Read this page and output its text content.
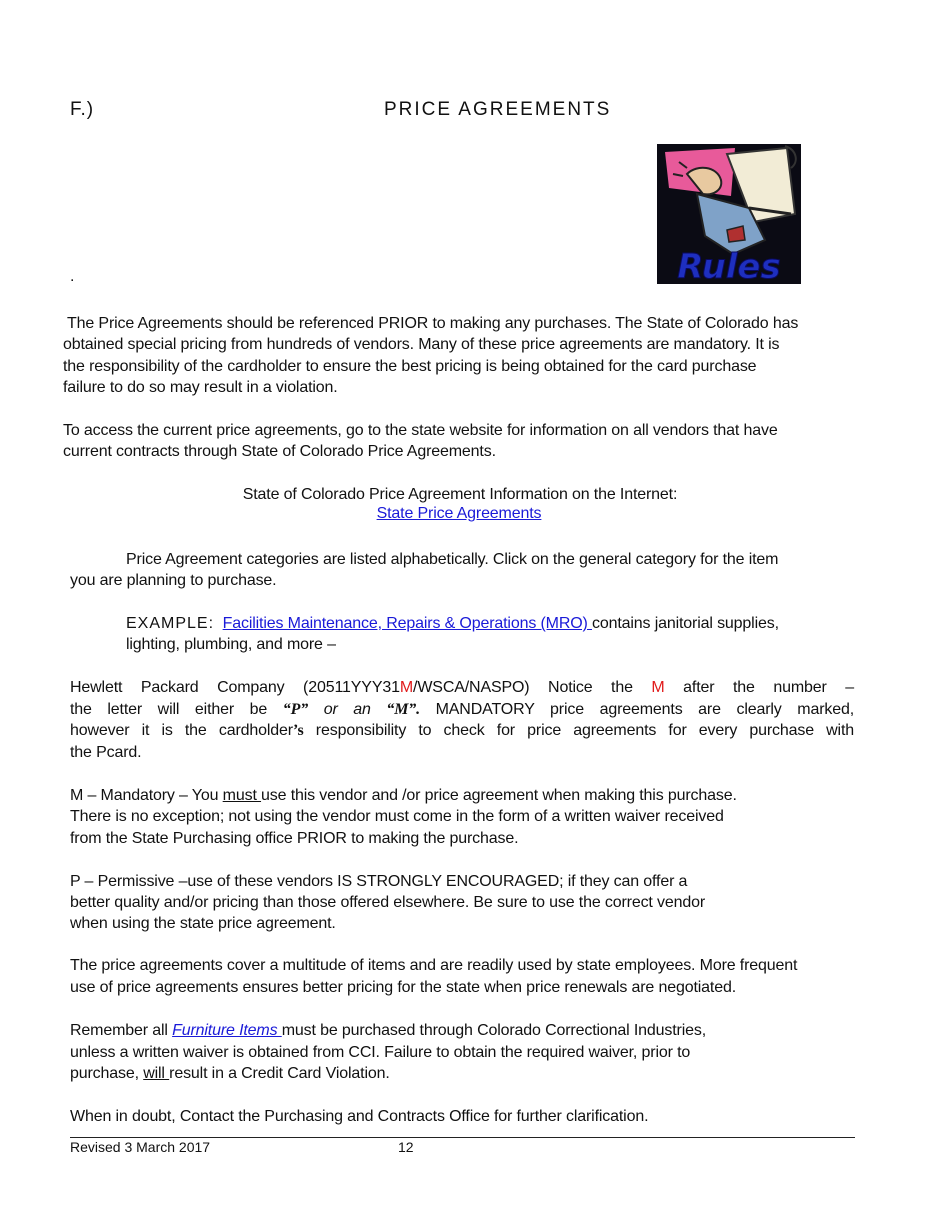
F.)	PRICE AGREEMENTS
Rules
.
The Price Agreements should be referenced PRIOR to making any purchases. The State of Colorado has
obtained special pricing from hundreds of vendors. Many of these price agreements are mandatory. It is
the responsibility of the cardholder to ensure the best pricing is being obtained for the card purchase
failure to do so may result in a violation.
To access the current price agreements, go to the state website for information on all vendors that have
current contracts through State of Colorado Price Agreements.
State of Colorado Price Agreement Information on the Internet:
State Price Agreements
Price Agreement categories are listed alphabetically. Click on the general category for the item
you are planning to purchase.
EXAMPLE: Facilities Maintenance, Repairs & Operations (MRO) contains janitorial supplies,
lighting, plumbing, and more –
Hewlett Packard Company (20511YYY31M/WSCA/NASPO) Notice the M after the number –
the letter will either be “P” or an “M”. MANDATORY price agreements are clearly marked,
however it is the cardholder’s responsibility to check for price agreements for every purchase with
the Pcard.
M – Mandatory – You must use this vendor and /or price agreement when making this purchase.
There is no exception; not using the vendor must come in the form of a written waiver received
from the State Purchasing office PRIOR to making the purchase.
P – Permissive –use of these vendors IS STRONGLY ENCOURAGED; if they can offer a
better quality and/or pricing than those offered elsewhere. Be sure to use the correct vendor
when using the state price agreement.
The price agreements cover a multitude of items and are readily used by state employees. More frequent
use of price agreements ensures better pricing for the state when price renewals are negotiated.
Remember all Furniture Items must be purchased through Colorado Correctional Industries,
unless a written waiver is obtained from CCI. Failure to obtain the required waiver, prior to
purchase, will result in a Credit Card Violation.
When in doubt, Contact the Purchasing and Contracts Office for further clarification.
Revised 3 March 2017	12
